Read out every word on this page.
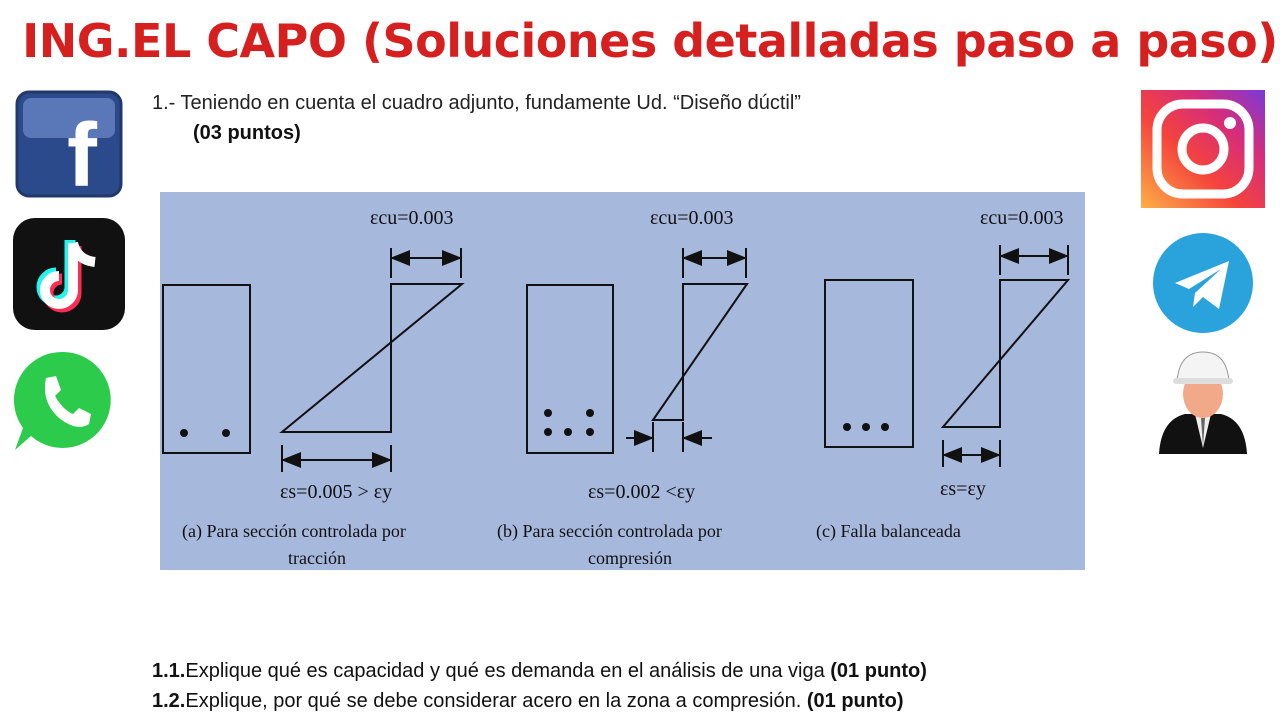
ING.EL CAPO (Soluciones detalladas paso a paso)
1.- Teniendo en cuenta el cuadro adjunto, fundamente Ud. “Diseño dúctil”
(03 puntos)
εcu=0.003
εs=0.005 > εy
(a) Para sección controlada por
tracción
εcu=0.003
εs=0.002 <εy
(b) Para sección controlada por
compresión
εcu=0.003
εs=εy
(c) Falla balanceada
1.1.Explique qué es capacidad y qué es demanda en el análisis de una viga (01 punto)
1.2.Explique, por qué se debe considerar acero en la zona a compresión. (01 punto)
f
